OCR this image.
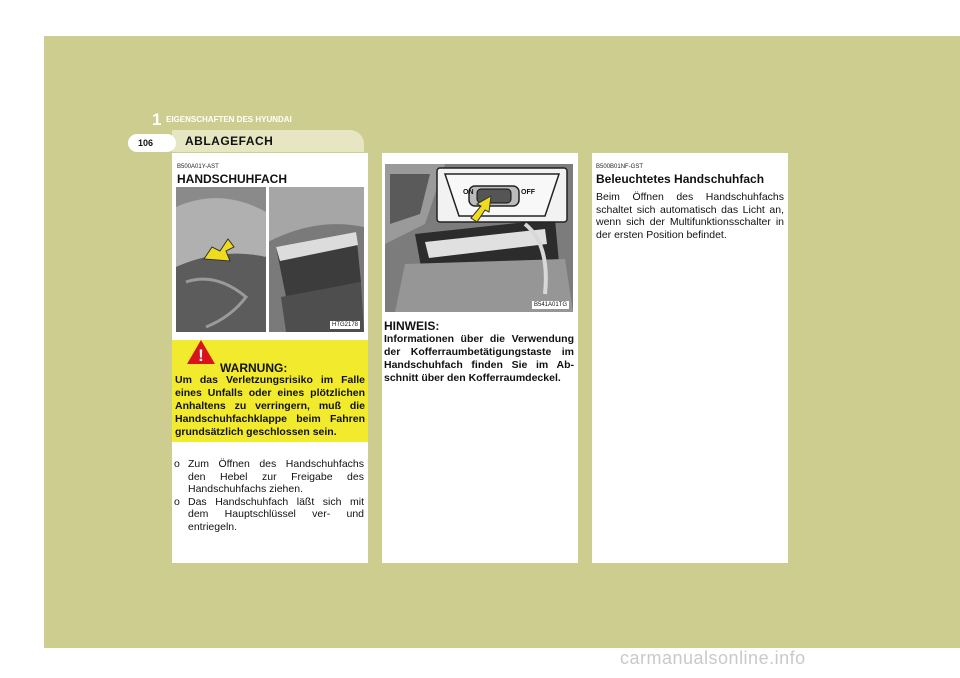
1 EIGENSCHAFTEN DES HYUNDAI
ABLAGEFACH
106
B500A01Y-AST
HANDSCHUHFACH
HTG2178
!
WARNUNG:
Um das Verletzungsrisiko im Falle eines Unfalls oder eines plötzlichen Anhaltens zu verringern, muß die Handschuhfachklappe beim Fahren grundsätzlich geschlossen sein.
o Zum Öffnen des Handschuhfachs den Hebel zur Freigabe des Handschuhfachs ziehen.
o Das Handschuhfach läßt sich mit dem Hauptschlüssel ver- und entriegeln.
ON	OFF
B541A01TG
HINWEIS:
Informationen über die Verwendung der Kofferraumbetätigungstaste im Handschuhfach finden Sie im Ab- schnitt über den Kofferraumdeckel.
B500B01NF-GST
Beleuchtetes Handschuhfach
Beim Öffnen des Handschuhfachs schaltet sich automatisch das Licht an, wenn sich der Multifunktionsschalter in der ersten Position befindet.
carmanualsonline.info
